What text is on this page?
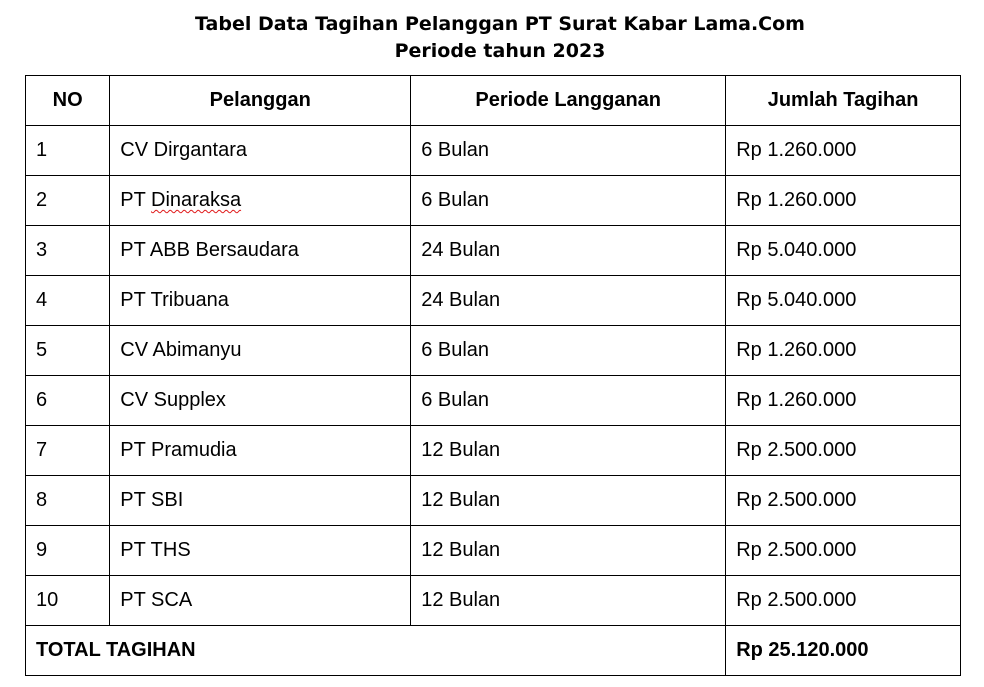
Tabel Data Tagihan Pelanggan PT Surat Kabar Lama.Com
Periode tahun 2023
NO	Pelanggan	Periode Langganan	Jumlah Tagihan
1	CV Dirgantara	6 Bulan	Rp 1.260.000
2	PT Dinaraksa	6 Bulan	Rp 1.260.000
3	PT ABB Bersaudara	24 Bulan	Rp 5.040.000
4	PT Tribuana	24 Bulan	Rp 5.040.000
5	CV Abimanyu	6 Bulan	Rp 1.260.000
6	CV Supplex	6 Bulan	Rp 1.260.000
7	PT Pramudia	12 Bulan	Rp 2.500.000
8	PT SBI	12 Bulan	Rp 2.500.000
9	PT THS	12 Bulan	Rp 2.500.000
10	PT SCA	12 Bulan	Rp 2.500.000
TOTAL TAGIHAN			Rp 25.120.000
